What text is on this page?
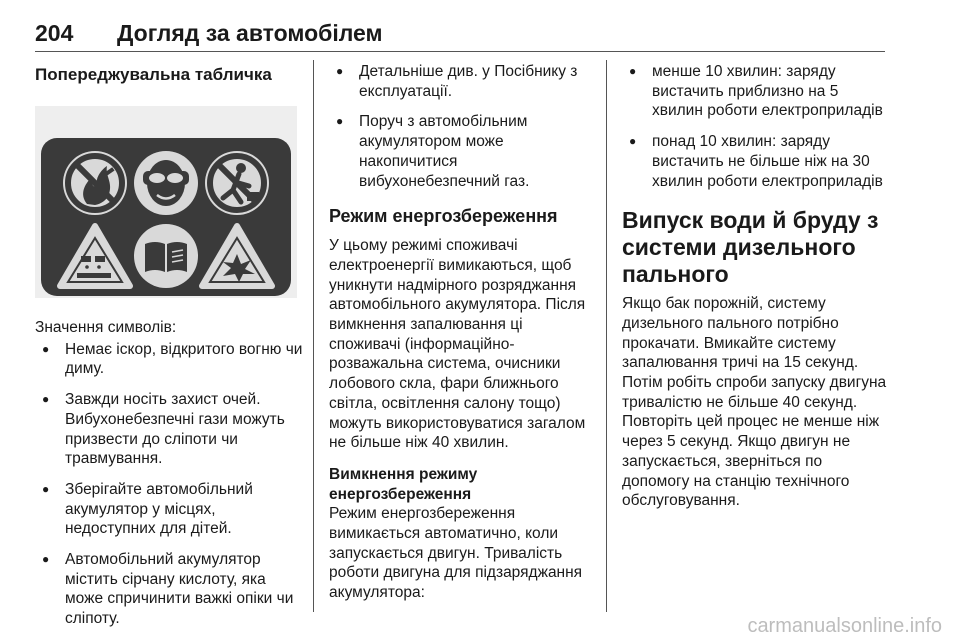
204 Догляд за автомобілем
Попереджувальна табличка

Значення символів:

● Немає іскор, відкритого вогню чи диму.
● Завжди носіть захист очей. Вибухонебезпечні гази можуть призвести до сліпоти чи травмування.
● Зберігайте автомобільний акумулятор у місцях, недоступних для дітей.
● Автомобільний акумулятор містить сірчану кислоту, яка може спричинити важкі опіки чи сліпоту.
● Детальніше див. у Посібнику з експлуатації.
● Поруч з автомобільним акумулятором може накопичитися вибухонебезпечний газ.
Режим енергозбереження

У цьому режимі споживачі електроенергії вимикаються, щоб уникнути надмірного розряджання автомобільного акумулятора. Після вимкнення запалювання ці споживачі (інформаційно-розважальна система, очисники лобового скла, фари ближнього світла, освітлення салону тощо) можуть використовуватися загалом не більше ніж 40 хвилин.

Вимкнення режиму енергозбереження

Режим енергозбереження вимикається автоматично, коли запускається двигун. Тривалість роботи двигуна для підзаряджання акумулятора:

● менше 10 хвилин: заряду вистачить приблизно на 5 хвилин роботи електроприладів
● понад 10 хвилин: заряду вистачить не більше ніж на 30 хвилин роботи електроприладів
Випуск води й бруду з системи дизельного пального

Якщо бак порожній, систему дизельного пального потрібно прокачати. Вмикайте систему запалювання тричі на 15 секунд. Потім робіть спроби запуску двигуна тривалістю не більше 40 секунд. Повторіть цей процес не менше ніж через 5 секунд. Якщо двигун не запускається, зверніться по допомогу на станцію технічного обслуговування.

carmanualsonline.info
